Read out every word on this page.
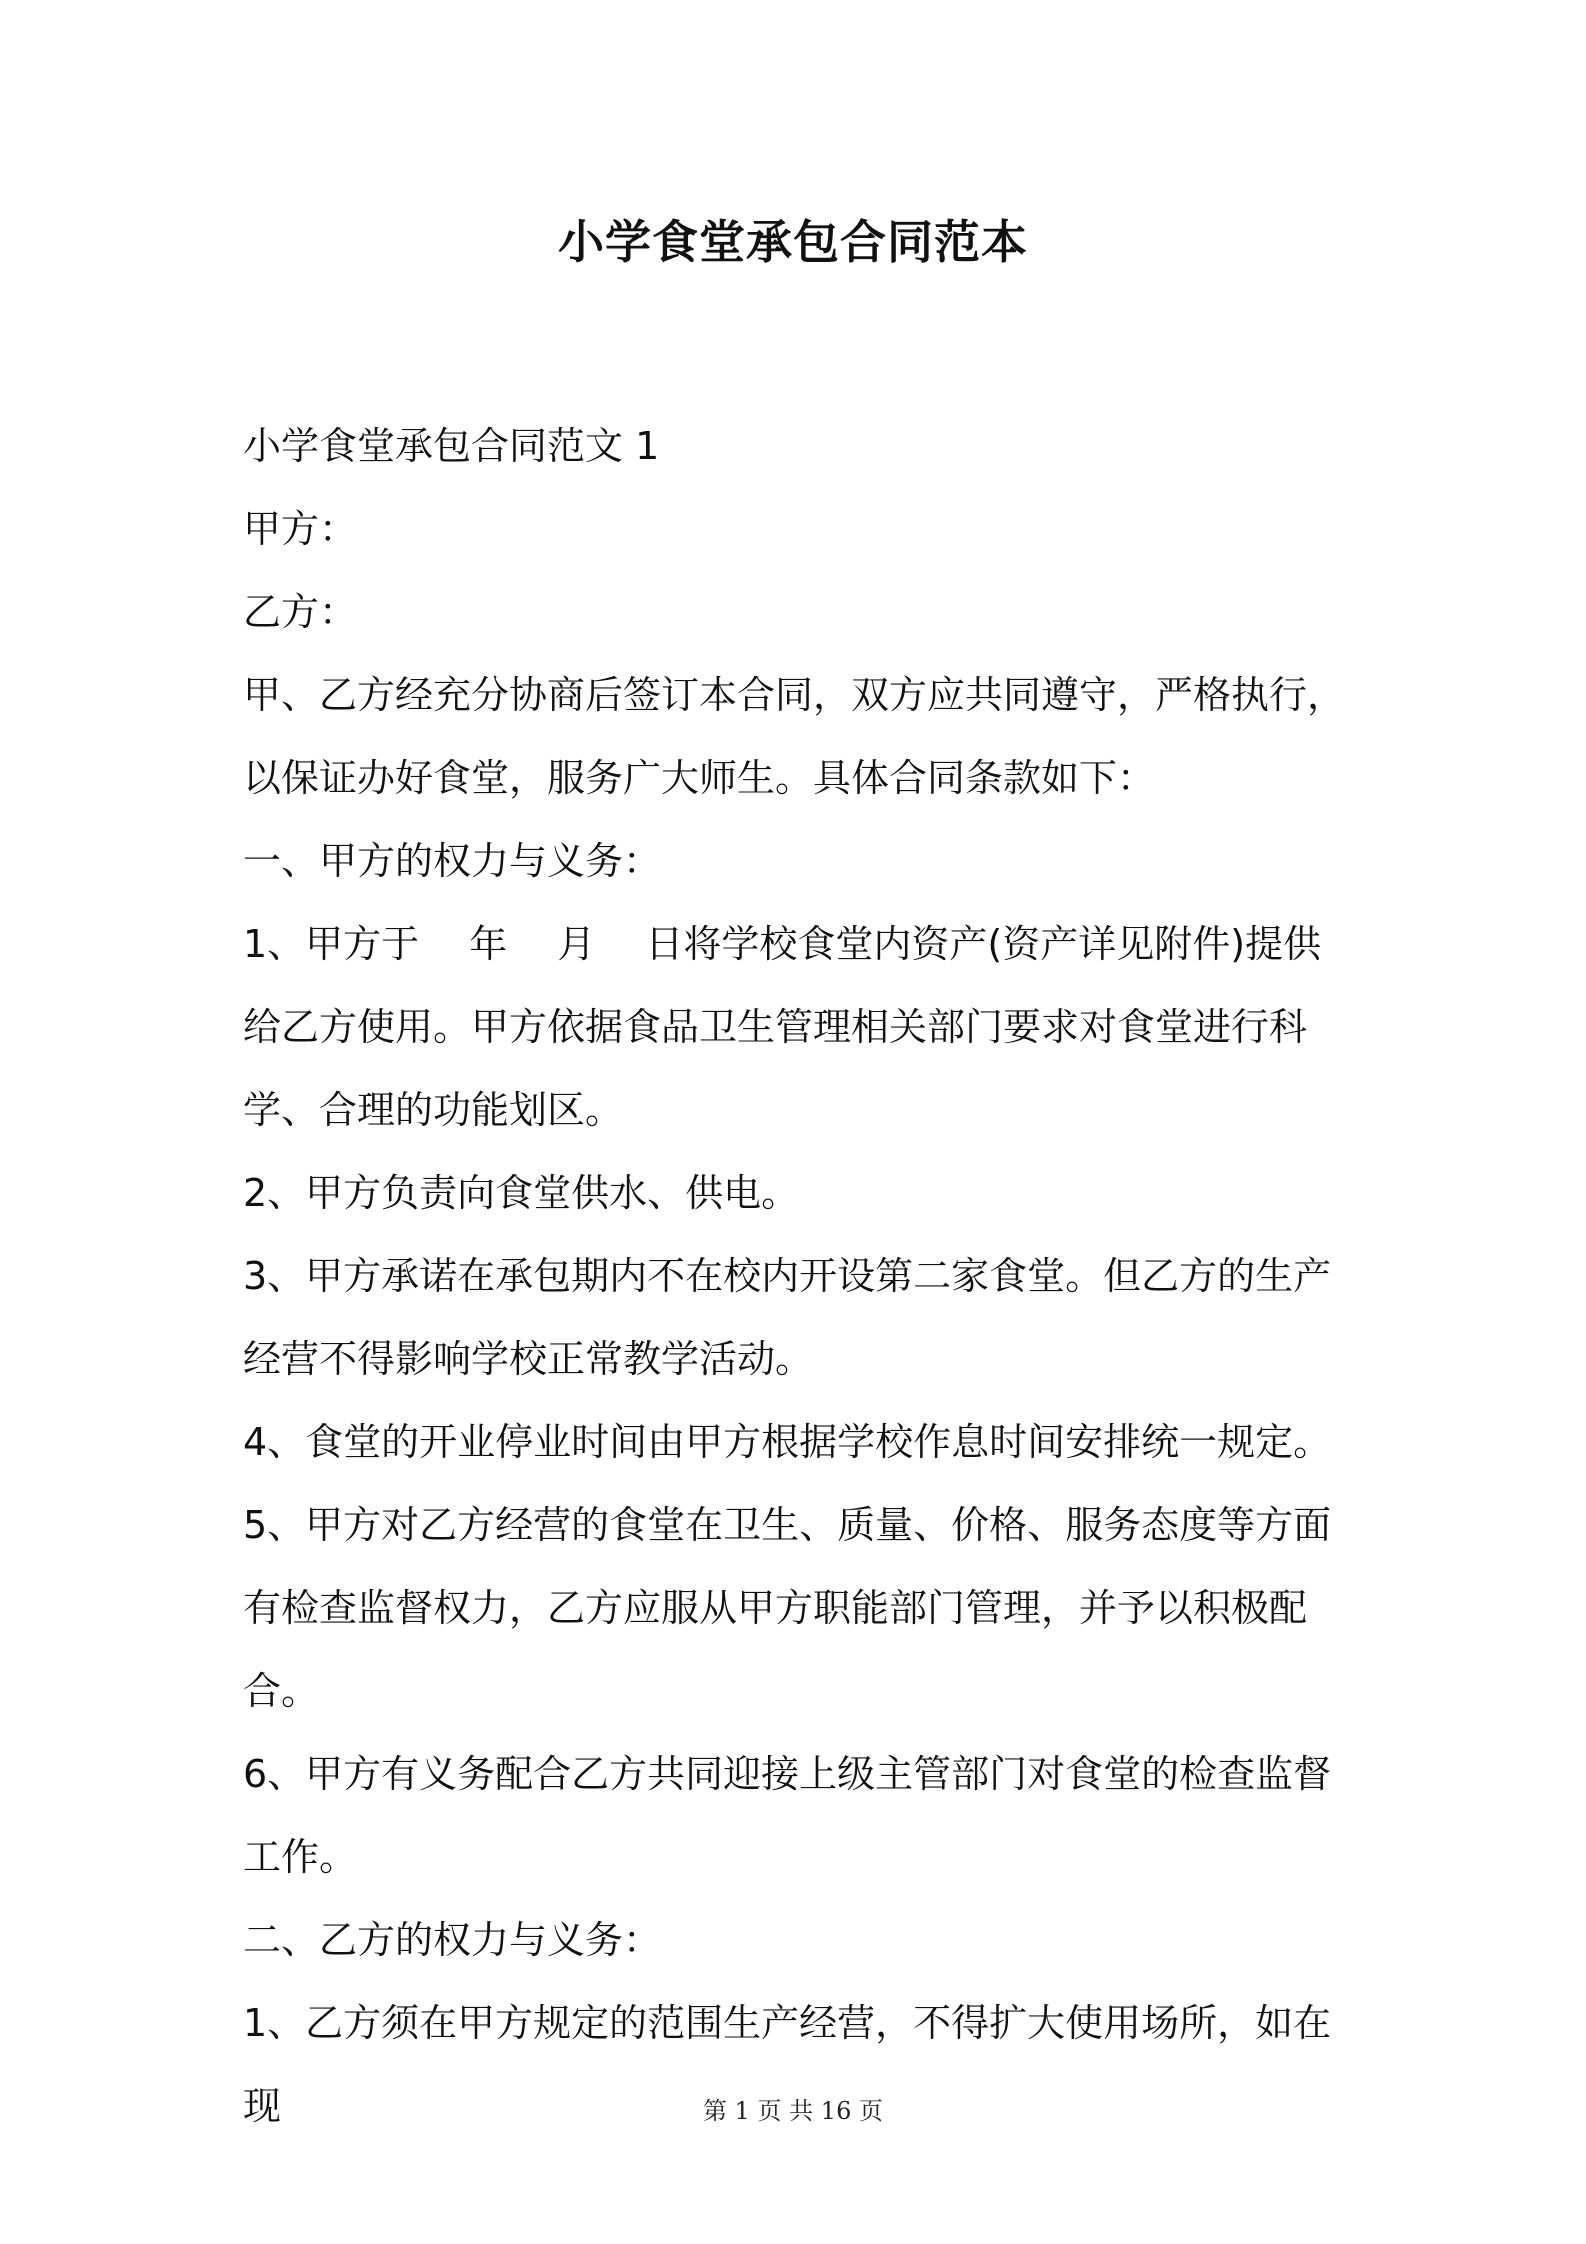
小学食堂承包合同范本

小学食堂承包合同范文 1

甲方：

乙方：

甲、乙方经充分协商后签订本合同，双方应共同遵守，严格执行，以保证办好食堂，服务广大师生。具体合同条款如下：

一、甲方的权力与义务：

1、甲方于　 年　 月　 日将学校食堂内资产(资产详见附件)提供给乙方使用。甲方依据食品卫生管理相关部门要求对食堂进行科学、合理的功能划区。

2、甲方负责向食堂供水、供电。

3、甲方承诺在承包期内不在校内开设第二家食堂。但乙方的生产经营不得影响学校正常教学活动。

4、食堂的开业停业时间由甲方根据学校作息时间安排统一规定。

5、甲方对乙方经营的食堂在卫生、质量、价格、服务态度等方面有检查监督权力，乙方应服从甲方职能部门管理，并予以积极配合。

6、甲方有义务配合乙方共同迎接上级主管部门对食堂的检查监督工作。

二、乙方的权力与义务：

1、乙方须在甲方规定的范围生产经营，不得扩大使用场所，如在现	第 1 页 共 16 页
